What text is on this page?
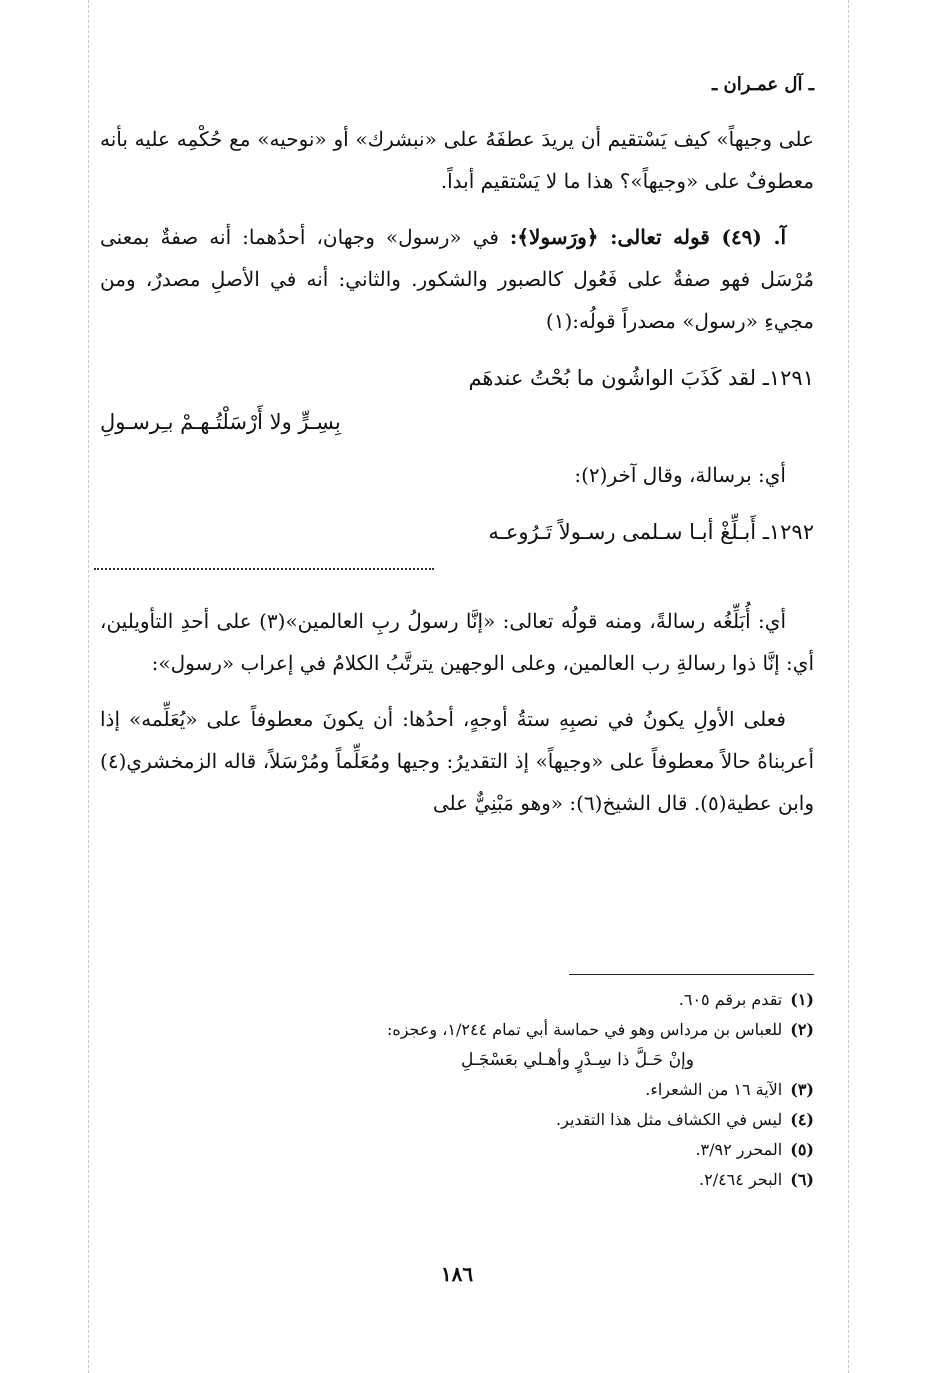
ـ آل عمـران ـ

على وجيهاً» كيف يَسْتقيم أن يريدَ عطفَهُ على «نبشرك» أو «نوحيه» مع حُكْمِه عليه بأنه معطوفٌ على «وجيهاً»؟ هذا ما لا يَسْتقيم أبداً.

آ. (٤٩) قوله تعالى: ﴿ورَسولا﴾: في «رسول» وجهان، أحدُهما: أنه صفةٌ بمعنى مُرْسَل فهو صفةٌ على فَعُول كالصبور والشكور. والثاني: أنه في الأصلِ مصدرٌ، ومن مجيءِ «رسول» مصدراً قولُه:(١)

١٢٩١ـ لقد كَذَبَ الواشُون ما بُحْتُ عندهَم
بِسِـرٍّ ولا أَرْسَلْتُـهـمْ بـِرسـولِ

أي: برسالة، وقال آخر(٢):

١٢٩٢ـ أَبـلِّغْ أبـا سـلمى رسـولاً تَـرُوعـه

أي: أُبَلِّغُه رسالةً، ومنه قولُه تعالى: «إنَّا رسولُ ربِ العالمين»(٣) على أحدِ التأويلين، أي: إنَّا ذوا رسالةِ رب العالمين، وعلى الوجهين يترتَّبُ الكلامُ في إعراب «رسول»:

فعلى الأولِ يكونُ في نصبِهِ ستةُ أوجهٍ، أحدُها: أن يكونَ معطوفاً على «يُعَلِّمه» إذا أعربناهُ حالاً معطوفاً على «وجيهاً» إذ التقديرُ: وجيها ومُعَلِّماً ومُرْسَلاً، قاله الزمخشري(٤) وابن عطية(٥). قال الشيخ(٦): «وهو مَبْنِيٌّ على

(١)تقدم برقم ٦٠٥.
(٢)للعباس بن مرداس وهو في حماسة أبي تمام ١/٢٤٤، وعجزه:
وإنْ حَـلَّ ذا سِـدْرٍ وأهـلي بعَسْجَـلِ
(٣)الآية ١٦ من الشعراء.
(٤)ليس في الكشاف مثل هذا التقدير.
(٥)المحرر ٣/٩٢.
(٦)البحر ٢/٤٦٤.
١٨٦
